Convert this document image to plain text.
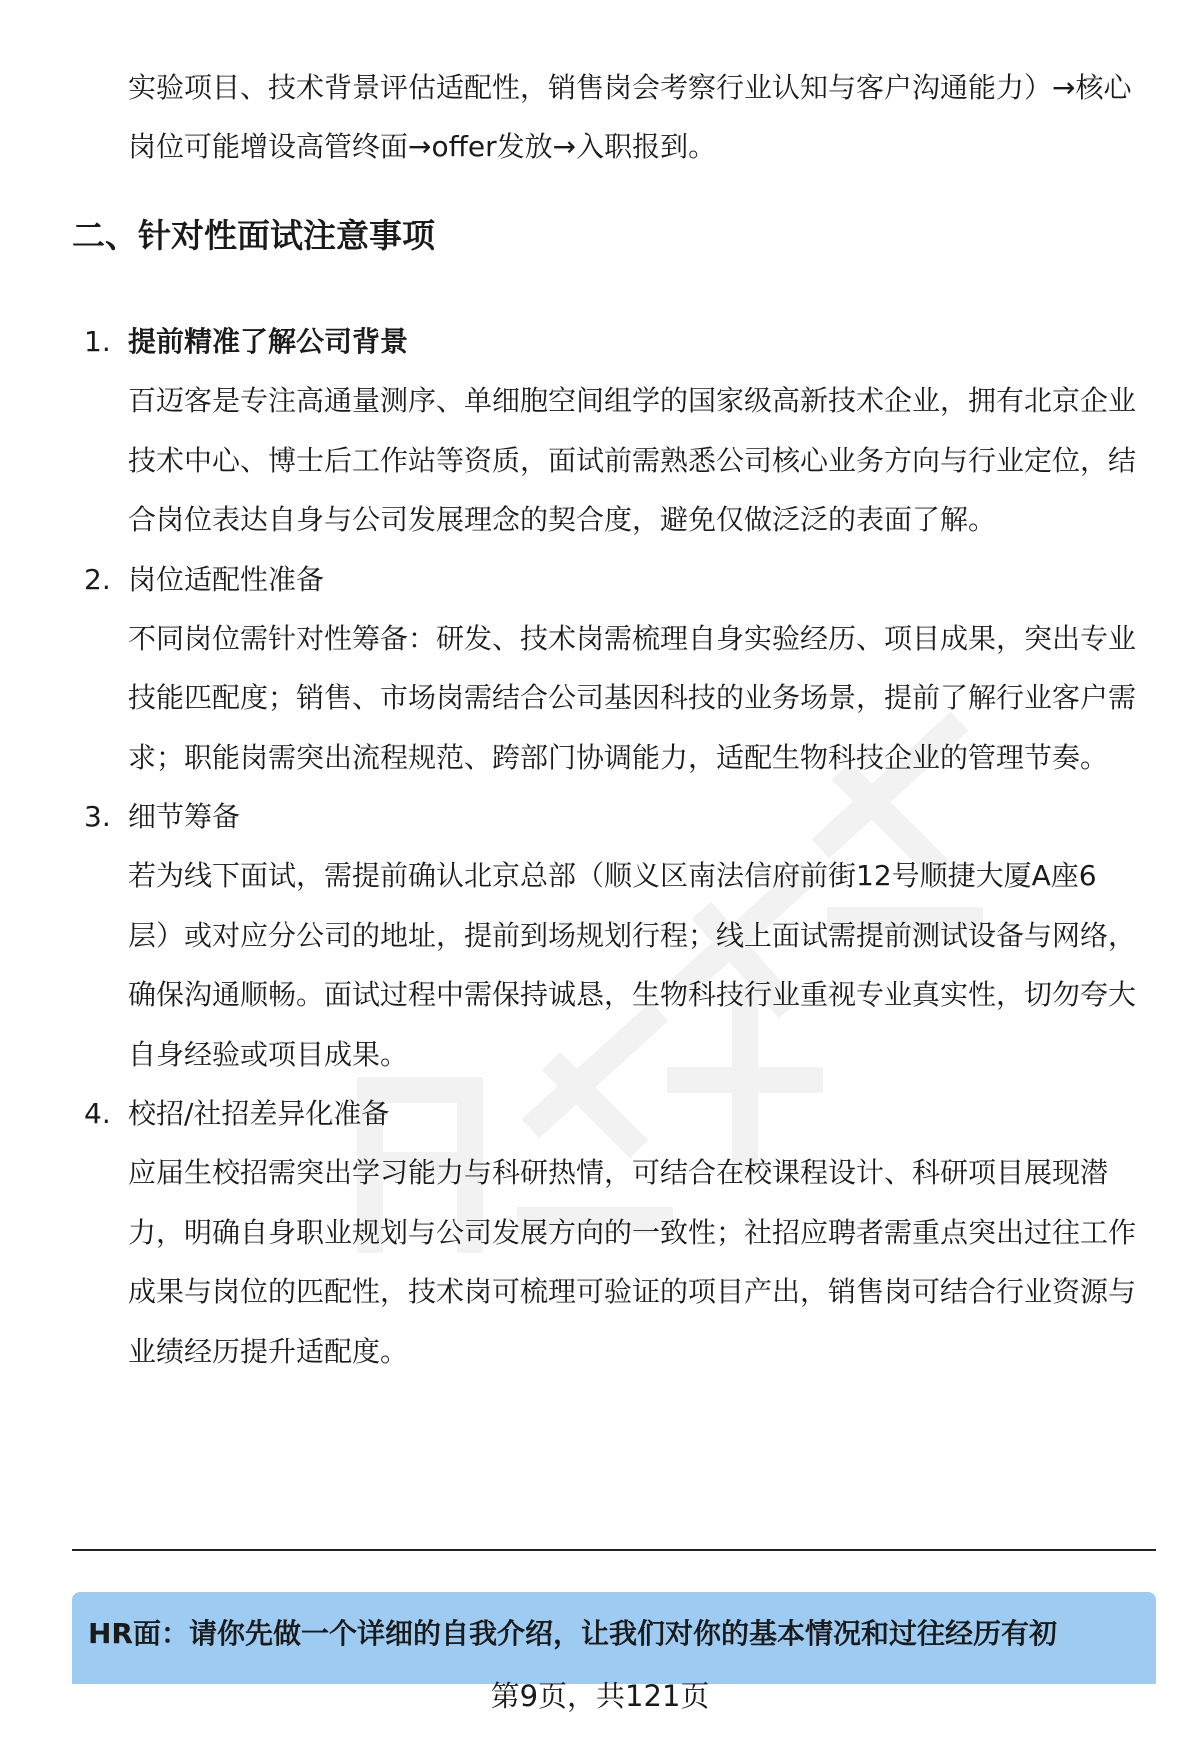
实验项目、技术背景评估适配性，销售岗会考察行业认知与客户沟通能力）→核心岗位可能增设高管终面→offer发放→入职报到。
二、针对性面试注意事项
1. 提前精准了解公司背景
百迈客是专注高通量测序、单细胞空间组学的国家级高新技术企业，拥有北京企业技术中心、博士后工作站等资质，面试前需熟悉公司核心业务方向与行业定位，结合岗位表达自身与公司发展理念的契合度，避免仅做泛泛的表面了解。
2. 岗位适配性准备
不同岗位需针对性筹备：研发、技术岗需梳理自身实验经历、项目成果，突出专业技能匹配度；销售、市场岗需结合公司基因科技的业务场景，提前了解行业客户需求；职能岗需突出流程规范、跨部门协调能力，适配生物科技企业的管理节奏。
3. 细节筹备
若为线下面试，需提前确认北京总部（顺义区南法信府前街12号顺捷大厦A座6层）或对应分公司的地址，提前到场规划行程；线上面试需提前测试设备与网络，确保沟通顺畅。面试过程中需保持诚恳，生物科技行业重视专业真实性，切勿夸大自身经验或项目成果。
4. 校招/社招差异化准备
应届生校招需突出学习能力与科研热情，可结合在校课程设计、科研项目展现潜力，明确自身职业规划与公司发展方向的一致性；社招应聘者需重点突出过往工作成果与岗位的匹配性，技术岗可梳理可验证的项目产出，销售岗可结合行业资源与业绩经历提升适配度。
HR面：请你先做一个详细的自我介绍，让我们对你的基本情况和过往经历有初
第9页，共121页
